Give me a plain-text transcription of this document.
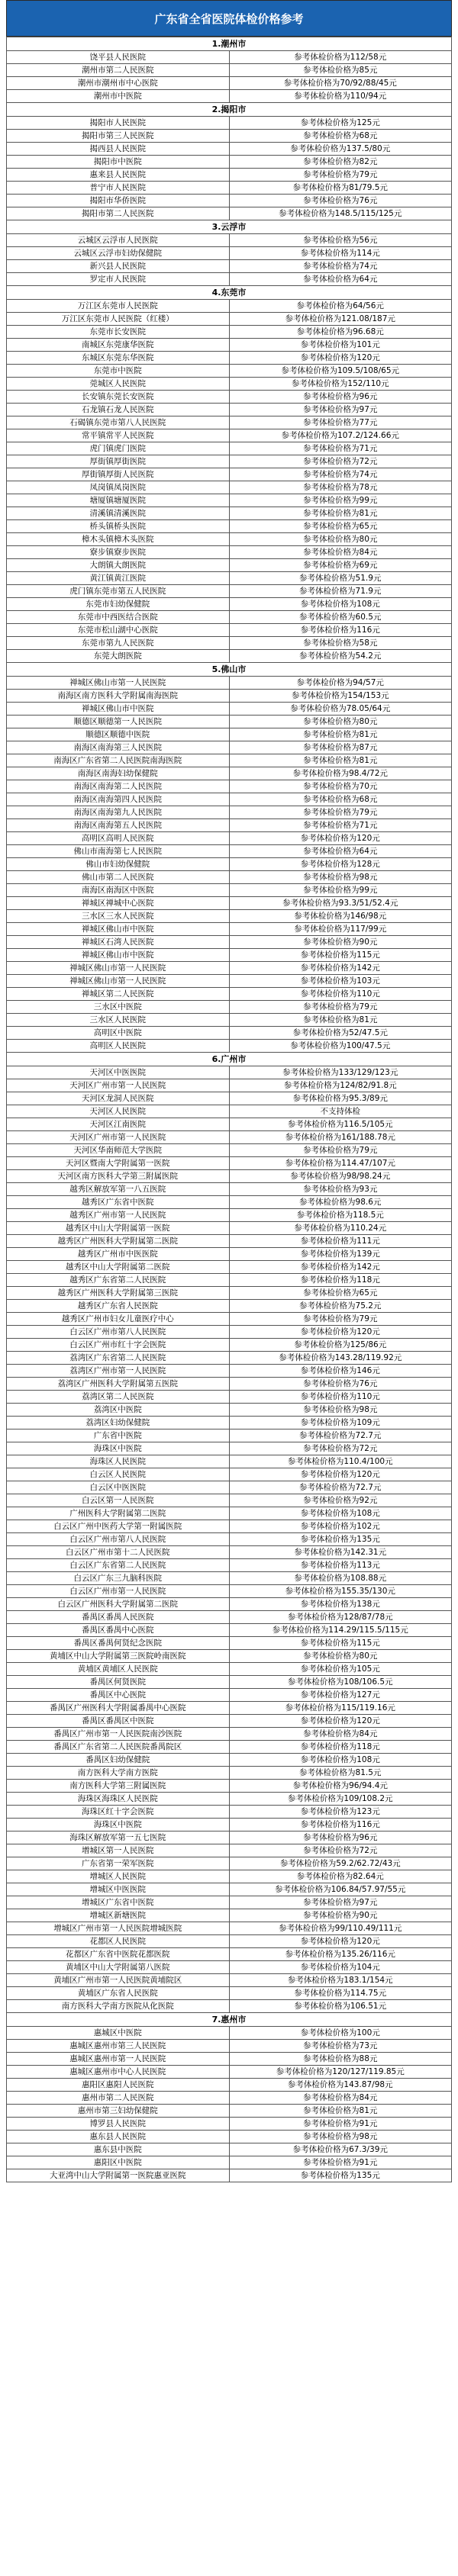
广东省全省医院体检价格参考
1.潮州市	
饶平县人民医院	参考体检价格为112/58元
潮州市第二人民医院	参考体检价格为85元
潮州市潮州市中心医院	参考体检价格为70/92/88/45元
潮州市中医院	参考体检价格为110/94元
2.揭阳市	
揭阳市人民医院	参考体检价格为125元
揭阳市第三人民医院	参考体检价格为68元
揭西县人民医院	参考体检价格为137.5/80元
揭阳市中医院	参考体检价格为82元
惠来县人民医院	参考体检价格为79元
普宁市人民医院	参考体检价格为81/79.5元
揭阳市华侨医院	参考体检价格为76元
揭阳市第二人民医院	参考体检价格为148.5/115/125元
3.云浮市	
云城区云浮市人民医院	参考体检价格为56元
云城区云浮市妇幼保健院	参考体检价格为114元
新兴县人民医院	参考体检价格为74元
罗定市人民医院	参考体检价格为64元
4.东莞市	
万江区东莞市人民医院	参考体检价格为64/56元
万江区东莞市人民医院（红楼）	参考体检价格为121.08/187元
东莞市长安医院	参考体检价格为96.68元
南城区东莞康华医院	参考体检价格为101元
东城区东莞东华医院	参考体检价格为120元
东莞市中医院	参考体检价格为109.5/108/65元
莞城区人民医院	参考体检价格为152/110元
长安镇东莞长安医院	参考体检价格为96元
石龙镇石龙人民医院	参考体检价格为97元
石碣镇东莞市第八人民医院	参考体检价格为77元
常平镇常平人民医院	参考体检价格为107.2/124.66元
虎门镇虎门医院	参考体检价格为71元
厚街镇厚街医院	参考体检价格为72元
厚街镇厚街人民医院	参考体检价格为74元
凤岗镇凤岗医院	参考体检价格为78元
塘厦镇塘厦医院	参考体检价格为99元
清溪镇清溪医院	参考体检价格为81元
桥头镇桥头医院	参考体检价格为65元
樟木头镇樟木头医院	参考体检价格为80元
寮步镇寮步医院	参考体检价格为84元
大朗镇大朗医院	参考体检价格为69元
黄江镇黄江医院	参考体检价格为51.9元
虎门镇东莞市第五人民医院	参考体检价格为71.9元
东莞市妇幼保健院	参考体检价格为108元
东莞市中西医结合医院	参考体检价格为60.5元
东莞市松山湖中心医院	参考体检价格为116元
东莞市第九人民医院	参考体检价格为58元
东莞大朗医院	参考体检价格为54.2元
5.佛山市	
禅城区佛山市第一人民医院	参考体检价格为94/57元
南海区南方医科大学附属南海医院	参考体检价格为154/153元
禅城区佛山市中医院	参考体检价格为78.05/64元
顺德区顺德第一人民医院	参考体检价格为80元
顺德区顺德中医院	参考体检价格为81元
南海区南海第三人民医院	参考体检价格为87元
南海区广东省第二人民医院南海医院	参考体检价格为81元
南海区南海妇幼保健院	参考体检价格为98.4/72元
南海区南海第二人民医院	参考体检价格为70元
南海区南海第四人民医院	参考体检价格为68元
南海区南海第九人民医院	参考体检价格为79元
南海区南海第五人民医院	参考体检价格为71元
高明区高明人民医院	参考体检价格为120元
佛山市南海第七人民医院	参考体检价格为64元
佛山市妇幼保健院	参考体检价格为128元
佛山市第二人民医院	参考体检价格为98元
南海区南海区中医院	参考体检价格为99元
禅城区禅城中心医院	参考体检价格为93.3/51/52.4元
三水区三水人民医院	参考体检价格为146/98元
禅城区佛山市中医院	参考体检价格为117/99元
禅城区石湾人民医院	参考体检价格为90元
禅城区佛山市中医院	参考体检价格为115元
禅城区佛山市第一人民医院	参考体检价格为142元
禅城区佛山市第一人民医院	参考体检价格为103元
禅城区第二人民医院	参考体检价格为110元
三水区中医院	参考体检价格为79元
三水区人民医院	参考体检价格为81元
高明区中医院	参考体检价格为52/47.5元
高明区人民医院	参考体检价格为100/47.5元
6.广州市	
天河区中医医院	参考体检价格为133/129/123元
天河区广州市第一人民医院	参考体检价格为124/82/91.8元
天河区龙洞人民医院	参考体检价格为95.3/89元
天河区人民医院	不支持体检
天河区江南医院	参考体检价格为116.5/105元
天河区广州市第一人民医院	参考体检价格为161/188.78元
天河区华南师范大学医院	参考体检价格为79元
天河区暨南大学附属第一医院	参考体检价格为114.47/107元
天河区南方医科大学第三附属医院	参考体检价格为98/98.24元
越秀区解放军第一八五医院	参考体检价格为93元
越秀区广东省中医院	参考体检价格为98.6元
越秀区广州市第一人民医院	参考体检价格为118.5元
越秀区中山大学附属第一医院	参考体检价格为110.24元
越秀区广州医科大学附属第二医院	参考体检价格为111元
越秀区广州市中医医院	参考体检价格为139元
越秀区中山大学附属第二医院	参考体检价格为142元
越秀区广东省第二人民医院	参考体检价格为118元
越秀区广州医科大学附属第三医院	参考体检价格为65元
越秀区广东省人民医院	参考体检价格为75.2元
越秀区广州市妇女儿童医疗中心	参考体检价格为79元
白云区广州市第八人民医院	参考体检价格为120元
白云区广州市红十字会医院	参考体检价格为125/86元
荔湾区广东省第二人民医院	参考体检价格为143.28/119.92元
荔湾区广州市第一人民医院	参考体检价格为146元
荔湾区广州医科大学附属第五医院	参考体检价格为76元
荔湾区第二人民医院	参考体检价格为110元
荔湾区中医院	参考体检价格为98元
荔湾区妇幼保健院	参考体检价格为109元
广东省中医院	参考体检价格为72.7元
海珠区中医院	参考体检价格为72元
海珠区人民医院	参考体检价格为110.4/100元
白云区人民医院	参考体检价格为120元
白云区中医医院	参考体检价格为72.7元
白云区第一人民医院	参考体检价格为92元
广州医科大学附属第二医院	参考体检价格为108元
白云区广州中医药大学第一附属医院	参考体检价格为102元
白云区广州市第八人民医院	参考体检价格为135元
白云区广州市第十二人民医院	参考体检价格为142.31元
白云区广东省第二人民医院	参考体检价格为113元
白云区广东三九脑科医院	参考体检价格为108.88元
白云区广州市第一人民医院	参考体检价格为155.35/130元
白云区广州医科大学附属第二医院	参考体检价格为138元
番禺区番禺人民医院	参考体检价格为128/87/78元
番禺区番禺中心医院	参考体检价格为114.29/115.5/115元
番禺区番禺何贤纪念医院	参考体检价格为115元
黄埔区中山大学附属第三医院岭南医院	参考体检价格为80元
黄埔区黄埔区人民医院	参考体检价格为105元
番禺区何贤医院	参考体检价格为108/106.5元
番禺区中心医院	参考体检价格为127元
番禺区广州医科大学附属番禺中心医院	参考体检价格为115/119.16元
番禺区番禺区中医院	参考体检价格为120元
番禺区广州市第一人民医院南沙医院	参考体检价格为84元
番禺区广东省第二人民医院番禺院区	参考体检价格为118元
番禺区妇幼保健院	参考体检价格为108元
南方医科大学南方医院	参考体检价格为81.5元
南方医科大学第三附属医院	参考体检价格为96/94.4元
海珠区海珠区人民医院	参考体检价格为109/108.2元
海珠区红十字会医院	参考体检价格为123元
海珠区中医院	参考体检价格为116元
海珠区解放军第一五七医院	参考体检价格为96元
增城区第一人民医院	参考体检价格为72元
广东省第一荣军医院	参考体检价格为59.2/62.72/43元
增城区人民医院	参考体检价格为82.64元
增城区中医医院	参考体检价格为106.84/57.97/55元
增城区广东省中医院	参考体检价格为97元
增城区新塘医院	参考体检价格为90元
增城区广州市第一人民医院增城医院	参考体检价格为99/110.49/111元
花都区人民医院	参考体检价格为120元
花都区广东省中医院花都医院	参考体检价格为135.26/116元
黄埔区中山大学附属第八医院	参考体检价格为104元
黄埔区广州市第一人民医院黄埔院区	参考体检价格为183.1/154元
黄埔区广东省人民医院	参考体检价格为114.75元
南方医科大学南方医院从化医院	参考体检价格为106.51元
7.惠州市	
惠城区中医院	参考体检价格为100元
惠城区惠州市第三人民医院	参考体检价格为73元
惠城区惠州市第一人民医院	参考体检价格为88元
惠城区惠州市中心人民医院	参考体检价格为120/127/119.85元
惠阳区惠阳人民医院	参考体检价格为143.87/98元
惠州市第二人民医院	参考体检价格为84元
惠州市第三妇幼保健院	参考体检价格为81元
博罗县人民医院	参考体检价格为91元
惠东县人民医院	参考体检价格为98元
惠东县中医院	参考体检价格为67.3/39元
惠阳区中医院	参考体检价格为91元
大亚湾中山大学附属第一医院惠亚医院	参考体检价格为135元
